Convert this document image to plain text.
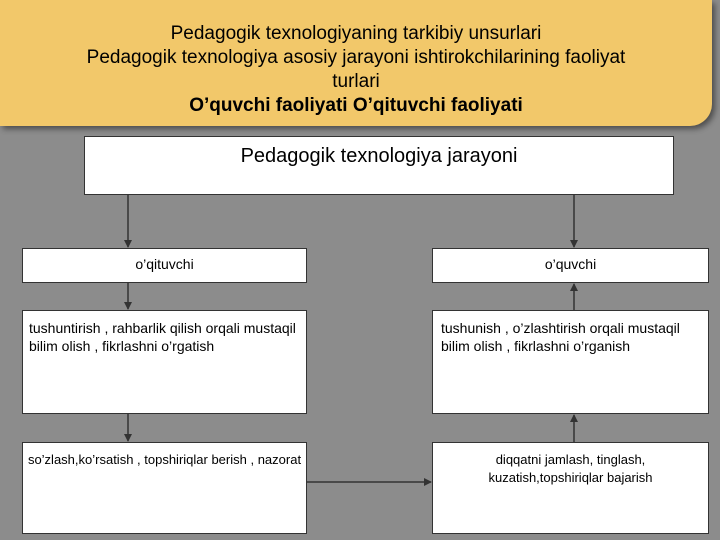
Pedagogik texnologiyaning tarkibiy unsurlari
Pedagogik texnologiya asosiy jarayoni ishtirokchilarining faoliyat
turlari
O’quvchi faoliyati O’qituvchi faoliyati
Pedagogik texnologiya jarayoni
o’qituvchi	o’quvchi
tushuntirish , rahbarlik qilish orqali mustaqil bilim olish , fikrlashni o’rgatish
tushunish , o’zlashtirish orqali mustaqil bilim olish , fikrlashni o’rganish
so’zlash,ko’rsatish , topshiriqlar berish , nazorat	diqqatni jamlash, tinglash, kuzatish,topshiriqlar bajarish
